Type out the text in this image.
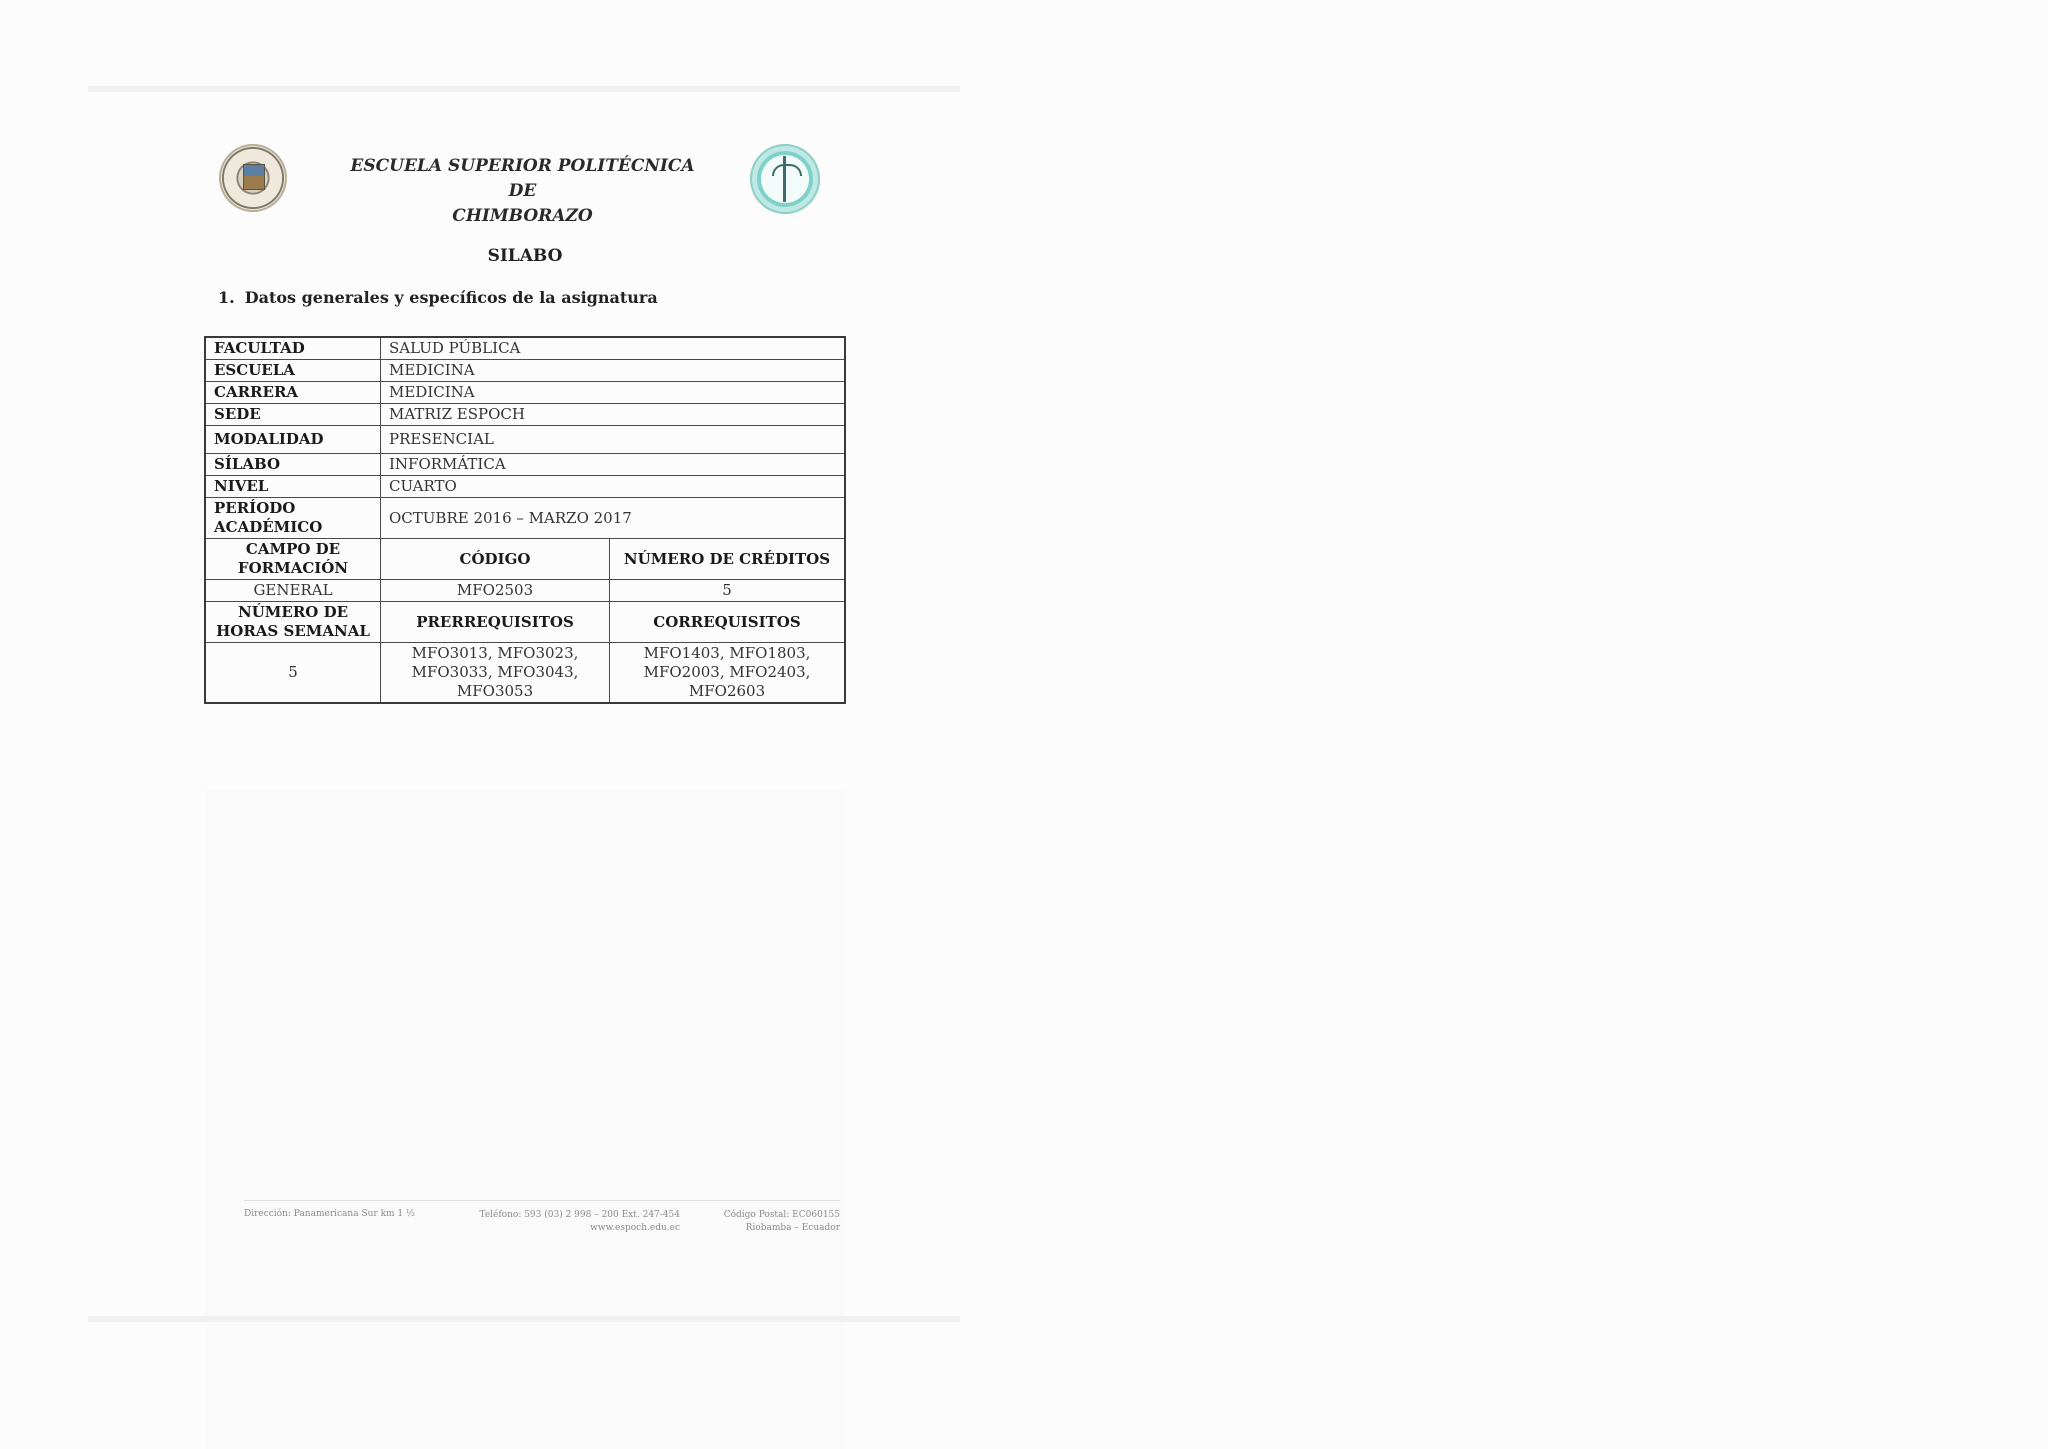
ESCUELA SUPERIOR POLITÉCNICA DE
CHIMBORAZO
SILABO
1. Datos generales y específicos de la asignatura
FACULTAD	SALUD PÚBLICA	
ESCUELA	MEDICINA	
CARRERA	MEDICINA	
SEDE	MATRIZ ESPOCH	
MODALIDAD	PRESENCIAL	
SÍLABO	INFORMÁTICA	
NIVEL	CUARTO	
PERÍODO ACADÉMICO	OCTUBRE 2016 – MARZO 2017	
CAMPO DE FORMACIÓN	CÓDIGO	NÚMERO DE CRÉDITOS
GENERAL	MFO2503	5
NÚMERO DE HORAS SEMANAL	PRERREQUISITOS	CORREQUISITOS
5	MFO3013, MFO3023, MFO3033, MFO3043, MFO3053	MFO1403, MFO1803, MFO2003, MFO2403, MFO2603
Dirección: Panamericana Sur km 1 ½	Teléfono: 593 (03) 2 998 – 200 Ext. 247-454
www.espoch.edu.ec
Código Postal: EC060155
Riobamba – Ecuador
